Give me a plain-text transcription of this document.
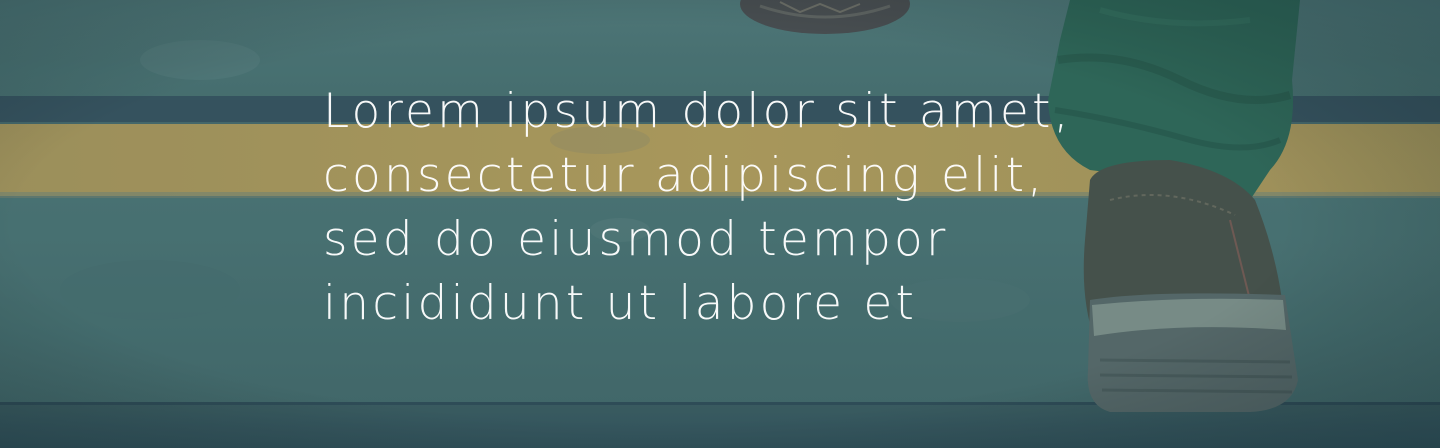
Lorem ipsum dolor sit amet,
consectetur adipiscing elit,
sed do eiusmod tempor
incididunt ut labore et
